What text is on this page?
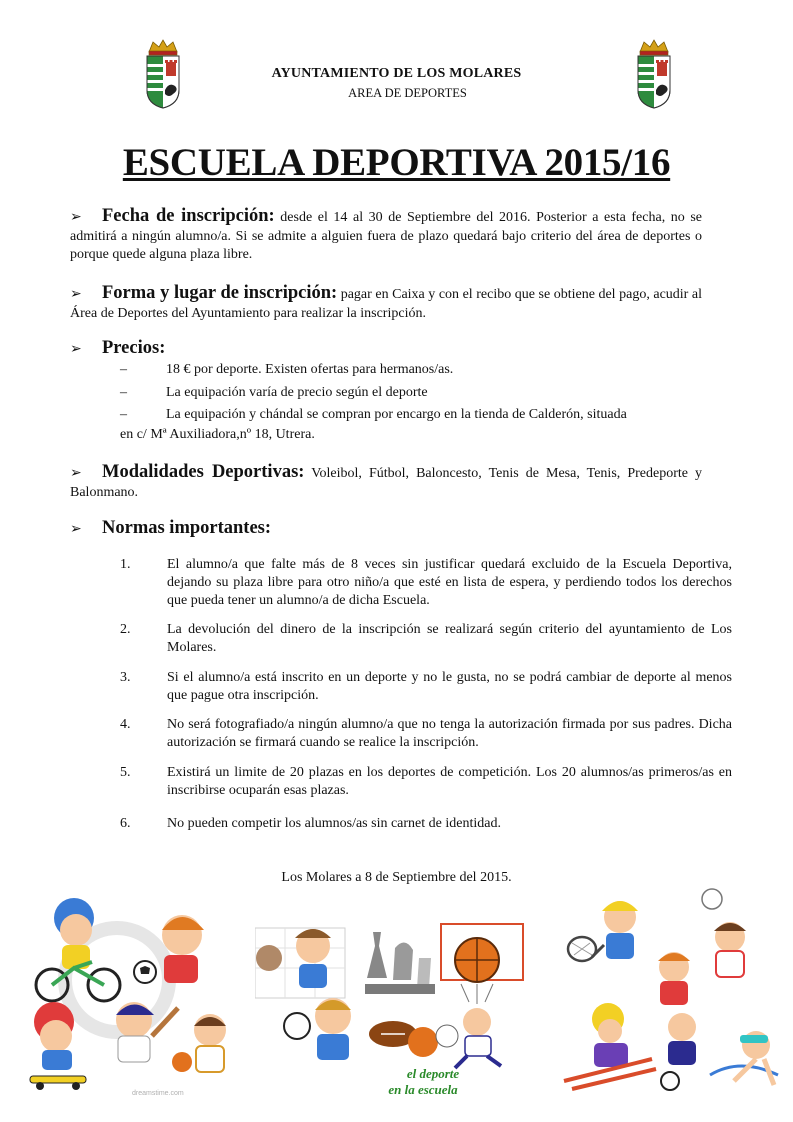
AYUNTAMIENTO DE LOS MOLARES
AREA DE DEPORTES
ESCUELA DEPORTIVA 2015/16
➢ Fecha de inscripción: desde el 14 al 30 de Septiembre del 2016. Posterior a esta fecha, no se admitirá a ningún alumno/a. Si se admite a alguien fuera de plazo quedará bajo criterio del área de deportes o porque quede alguna plaza libre.
➢ Forma y lugar de inscripción: pagar en Caixa y con el recibo que se obtiene del pago, acudir al Área de Deportes del Ayuntamiento para realizar la inscripción.
➢ Precios:
–	18 € por deporte. Existen ofertas para hermanos/as.
–	La equipación varía de precio según el deporte
–	La equipación y chándal se compran por encargo en la tienda de Calderón, situada
en c/ Mª Auxiliadora,nº 18, Utrera.
➢ Modalidades Deportivas: Voleibol, Fútbol, Baloncesto, Tenis de Mesa, Tenis, Predeporte y Balonmano.
➢ Normas importantes:
1.	El alumno/a que falte más de 8 veces sin justificar quedará excluido de la Escuela Deportiva, dejando su plaza libre para otro niño/a que esté en lista de espera, y perdiendo todos los derechos que pueda tener un alumno/a de dicha Escuela.
2.	La devolución del dinero de la inscripción se realizará según criterio del ayuntamiento de Los Molares.
3.	Si el alumno/a está inscrito en un deporte y no le gusta, no se podrá cambiar de deporte al menos que pague otra inscripción.
4.	No será fotografiado/a ningún alumno/a que no tenga la autorización firmada por sus padres. Dicha autorización se firmará cuando se realice la inscripción.
5.	Existirá un limite de 20 plazas en los deportes de competición. Los 20 alumnos/as primeros/as en inscribirse ocuparán esas plazas.
6.	No pueden competir los alumnos/as sin carnet de identidad.
Los Molares a 8 de Septiembre del 2015.
el deporte
en la escuela
dreamstime.com
